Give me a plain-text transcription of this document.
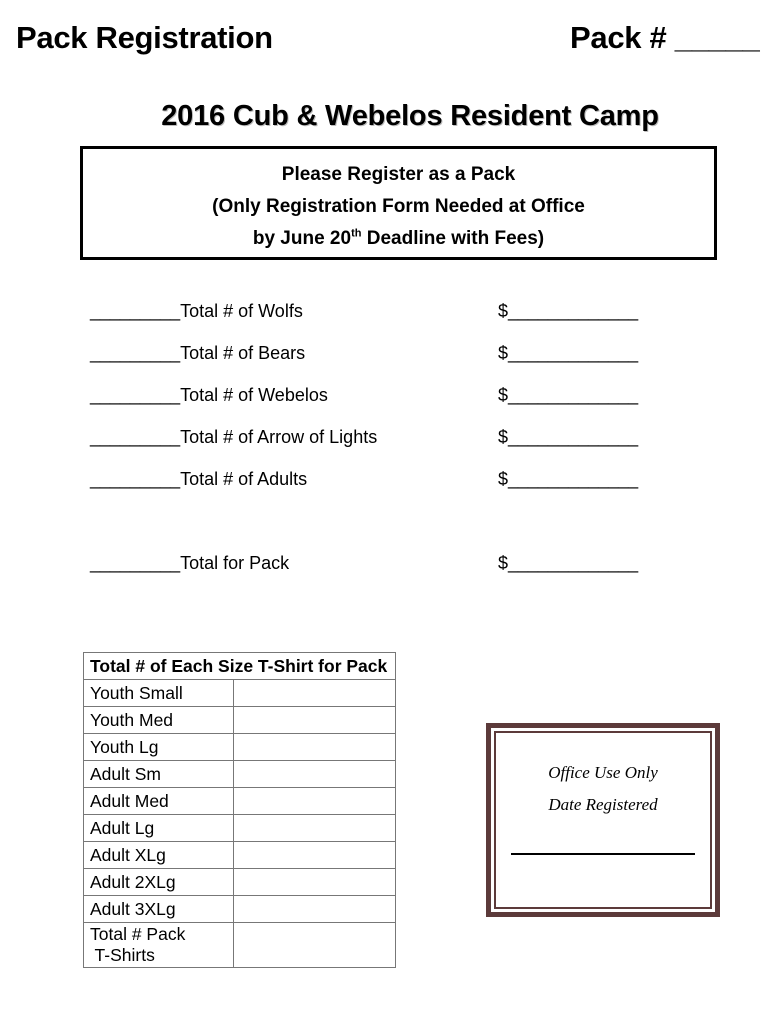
Pack Registration	Pack # _____
2016 Cub & Webelos Resident Camp
Please Register as a Pack
(Only Registration Form Needed at Office
by June 20th Deadline with Fees)
_________Total # of Wolfs	$_____________
_________Total # of Bears	$_____________
_________Total # of Webelos	$_____________
_________Total # of Arrow of Lights	$_____________
_________Total # of Adults	$_____________
_________Total for Pack	$_____________
Total # of Each Size T-Shirt for Pack	
Youth Small	
Youth Med	
Youth Lg	
Adult Sm	
Adult Med	
Adult Lg	
Adult XLg	
Adult 2XLg	
Adult 3XLg	

Total # Pack
T-Shirts	

Office Use Only
Date Registered
